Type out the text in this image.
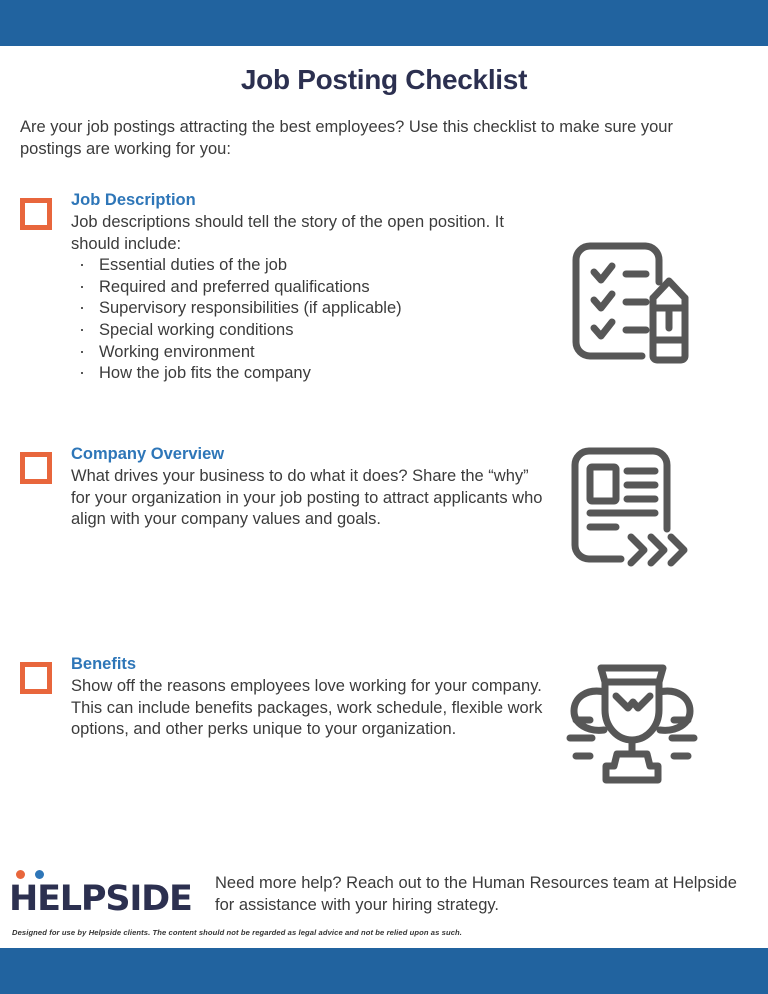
Job Posting Checklist
Are your job postings attracting the best employees? Use this checklist to make sure your postings are working for you:
Job Description

Job descriptions should tell the story of the open position. It should include:

· Essential duties of the job
· Required and preferred qualifications
· Supervisory responsibilities (if applicable)
· Special working conditions
· Working environment
· How the job fits the company
Company Overview

What drives your business to do what it does? Share the “why” for your organization in your job posting to attract applicants who align with your company values and goals.

Benefits

Show off the reasons employees love working for your company. This can include benefits packages, work schedule, flexible work options, and other perks unique to your organization.

HELPSIDE Need more help? Reach out to the Human Resources team at Helpside for assistance with your hiring strategy.
Designed for use by Helpside clients. The content should not be regarded as legal advice and not be relied upon as such.
